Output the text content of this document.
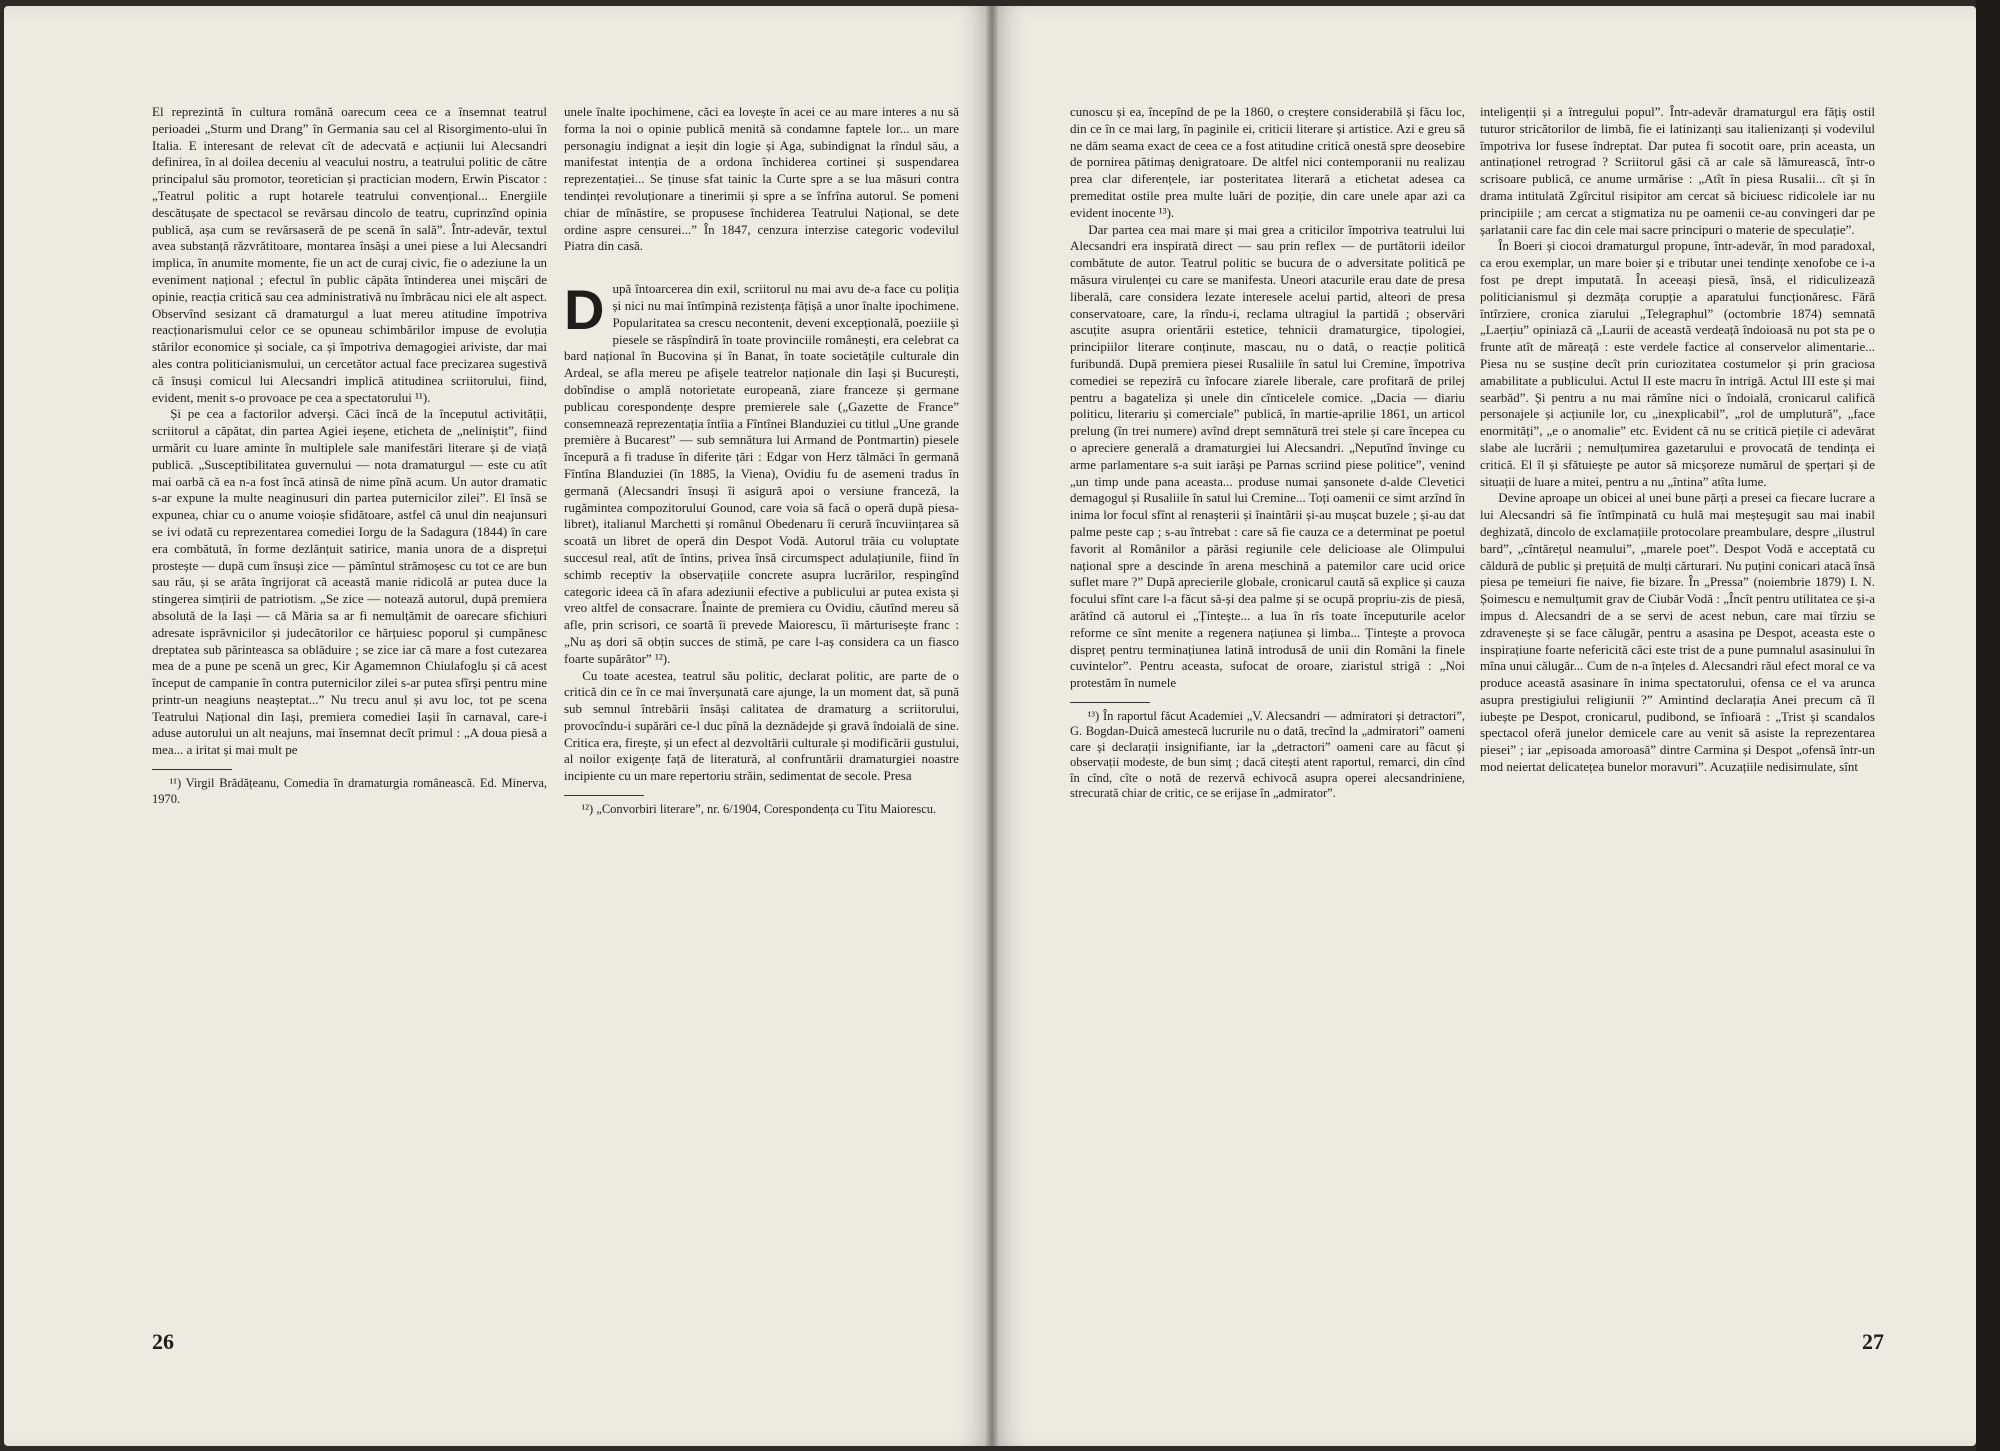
El reprezintă în cultura română oarecum ceea ce a însemnat teatrul perioadei „Sturm und Drang” în Germania sau cel al Risorgimento-ului în Italia. E interesant de relevat cît de adecvată e acțiunii lui Alecsandri definirea, în al doilea deceniu al veacului nostru, a teatrului politic de către principalul său promotor, teoretician și practician modern, Erwin Piscator : „Teatrul politic a rupt hotarele teatrului convențional... Energiile descătușate de spectacol se revărsau dincolo de teatru, cuprinzînd opinia publică, așa cum se revărsaseră de pe scenă în sală”. Într-adevăr, textul avea substanță răzvrătitoare, montarea însăși a unei piese a lui Alecsandri implica, în anumite momente, fie un act de curaj civic, fie o adeziune la un eveniment național ; efectul în public căpăta întinderea unei mișcări de opinie, reacția critică sau cea administrativă nu îmbrăcau nici ele alt aspect. Observînd sesizant că dramaturgul a luat mereu atitudine împotriva reacționarismului celor ce se opuneau schimbărilor impuse de evoluția stărilor economice și sociale, ca și împotriva demagogiei ariviste, dar mai ales contra politicianismului, un cercetător actual face precizarea sugestivă că însuși comicul lui Alecsandri implică atitudinea scriitorului, fiind, evident, menit s-o provoace pe cea a spectatorului ¹¹).

Și pe cea a factorilor adverși. Căci încă de la începutul activității, scriitorul a căpătat, din partea Agiei ieșene, eticheta de „neliniștit”, fiind urmărit cu luare aminte în multiplele sale manifestări literare și de viață publică. „Susceptibilitatea guvernului — nota dramaturgul — este cu atît mai oarbă că ea n-a fost încă atinsă de nime pînă acum. Un autor dramatic s-ar expune la multe neaginusuri din partea puternicilor zilei”. El însă se expunea, chiar cu o anume voioșie sfidătoare, astfel că unul din neajunsuri se ivi odată cu reprezentarea comediei Iorgu de la Sadagura (1844) în care era combătută, în forme dezlănțuit satirice, mania unora de a disprețui prostește — după cum însuși zice — pămîntul strămoșesc cu tot ce are bun sau rău, și se arăta îngrijorat că această manie ridicolă ar putea duce la stingerea simțirii de patriotism. „Se zice — notează autorul, după premiera absolută de la Iași — că Măria sa ar fi nemulțămit de oarecare sfichiuri adresate isprăvnicilor și judecătorilor ce hărțuiesc poporul și cumpănesc dreptatea sub părinteasca sa oblăduire ; se zice iar că mare a fost cutezarea mea de a pune pe scenă un grec, Kir Agamemnon Chiulafoglu și că acest început de campanie în contra puternicilor zilei s-ar putea sfîrși pentru mine printr-un neagiuns neașteptat...” Nu trecu anul și avu loc, tot pe scena Teatrului Național din Iași, premiera comediei Iașii în carnaval, care-i aduse autorului un alt neajuns, mai însemnat decît primul : „A doua piesă a mea... a iritat și mai mult pe

¹¹) Virgil Brădățeanu, Comedia în dramaturgia românească. Ed. Minerva, 1970.

unele înalte ipochimene, căci ea lovește în acei ce au mare interes a nu să forma la noi o opinie publică menită să condamne faptele lor... un mare personagiu indignat a ieșit din logie și Aga, subindignat la rîndul său, a manifestat intenția de a ordona închiderea cortinei și suspendarea reprezentației... Se ținuse sfat tainic la Curte spre a se lua măsuri contra tendinței revoluționare a tinerimii și spre a se înfrîna autorul. Se pomeni chiar de mînăstire, se propusese închiderea Teatrului Național, se dete ordine aspre censurei...” În 1847, cenzura interzise categoric vodevilul Piatra din casă.

După întoarcerea din exil, scriitorul nu mai avu de-a face cu poliția și nici nu mai întîmpină rezistența fățișă a unor înalte ipochimene. Popularitatea sa crescu necontenit, deveni excepțională, poeziile și piesele se răspîndiră în toate provinciile românești, era celebrat ca bard național în Bucovina și în Banat, în toate societățile culturale din Ardeal, se afla mereu pe afișele teatrelor naționale din Iași și București, dobîndise o amplă notorietate europeană, ziare franceze și germane publicau corespondențe despre premierele sale („Gazette de France” consemnează reprezentația întîia a Fîntînei Blanduziei cu titlul „Une grande première à Bucarest” — sub semnătura lui Armand de Pontmartin) piesele începură a fi traduse în diferite țări : Edgar von Herz tălmăci în germană Fîntîna Blanduziei (în 1885, la Viena), Ovidiu fu de asemeni tradus în germană (Alecsandri însuși îi asigură apoi o versiune franceză, la rugămintea compozitorului Gounod, care voia să facă o operă după piesa-libret), italianul Marchetti și românul Obedenaru îi cerură încuviințarea să scoată un libret de operă din Despot Vodă. Autorul trăia cu voluptate succesul real, atît de întins, privea însă circumspect adulațiunile, fiind în schimb receptiv la observațiile concrete asupra lucrărilor, respingînd categoric ideea că în afara adeziunii efective a publicului ar putea exista și vreo altfel de consacrare. Înainte de premiera cu Ovidiu, căutînd mereu să afle, prin scrisori, ce soartă îi prevede Maiorescu, îi mărturisește franc : „Nu aș dori să obțin succes de stimă, pe care l-aș considera ca un fiasco foarte supărător” ¹²).

Cu toate acestea, teatrul său politic, declarat politic, are parte de o critică din ce în ce mai înverșunată care ajunge, la un moment dat, să pună sub semnul întrebării însăși calitatea de dramaturg a scriitorului, provocîndu-i supărări ce-l duc pînă la deznădejde și gravă îndoială de sine. Critica era, firește, și un efect al dezvoltării culturale și modificării gustului, al noilor exigențe față de literatură, al confruntării dramaturgiei noastre incipiente cu un mare repertoriu străin, sedimentat de secole. Presa

¹²) „Convorbiri literare”, nr. 6/1904, Corespondența cu Titu Maiorescu.

26

cunoscu și ea, începînd de pe la 1860, o creștere considerabilă și făcu loc, din ce în ce mai larg, în paginile ei, criticii literare și artistice. Azi e greu să ne dăm seama exact de ceea ce a fost atitudine critică onestă spre deosebire de pornirea pătimaș denigratoare. De altfel nici contemporanii nu realizau prea clar diferențele, iar posteritatea literară a etichetat adesea ca premeditat ostile prea multe luări de poziție, din care unele apar azi ca evident inocente ¹³).

Dar partea cea mai mare și mai grea a criticilor împotriva teatrului lui Alecsandri era inspirată direct — sau prin reflex — de purtătorii ideilor combătute de autor. Teatrul politic se bucura de o adversitate politică pe măsura virulenței cu care se manifesta. Uneori atacurile erau date de presa liberală, care considera lezate interesele acelui partid, alteori de presa conservatoare, care, la rîndu-i, reclama ultragiul la partidă ; observări ascuțite asupra orientării estetice, tehnicii dramaturgice, tipologiei, principiilor literare conținute, mascau, nu o dată, o reacție politică furibundă. După premiera piesei Rusaliile în satul lui Cremine, împotriva comediei se repeziră cu înfocare ziarele liberale, care profitară de prilej pentru a bagateliza și unele din cînticelele comice. „Dacia — diariu politicu, literariu și comerciale” publică, în martie-aprilie 1861, un articol prelung (în trei numere) avînd drept semnătură trei stele și care începea cu o apreciere generală a dramaturgiei lui Alecsandri. „Neputînd învinge cu arme parlamentare s-a suit iarăși pe Parnas scriind piese politice”, venind „un timp unde pana aceasta... produse numai șansonete d-alde Clevetici demagogul și Rusaliile în satul lui Cremine... Toți oamenii ce simt arzînd în inima lor focul sfînt al renașterii și înaintării și-au mușcat buzele ; și-au dat palme peste cap ; s-au întrebat : care să fie cauza ce a determinat pe poetul favorit al Românilor a părăsi regiunile cele delicioase ale Olimpului național spre a descinde în arena meschină a patemilor care ucid orice suflet mare ?” După aprecierile globale, cronicarul caută să explice și cauza focului sfînt care l-a făcut să-și dea palme și se ocupă propriu-zis de piesă, arătînd că autorul ei „Țintește... a lua în rîs toate începuturile acelor reforme ce sînt menite a regenera națiunea și limba... Țintește a provoca dispreț pentru terminațiunea latină introdusă de unii din Români la finele cuvintelor”. Pentru aceasta, sufocat de oroare, ziaristul strigă : „Noi protestăm în numele

¹³) În raportul făcut Academiei „V. Alecsandri — admiratori și detractori”, G. Bogdan-Duică amestecă lucrurile nu o dată, trecînd la „admiratori” oameni care și declarații insignifiante, iar la „detractori” oameni care au făcut și observații modeste, de bun simț ; dacă citești atent raportul, remarci, din cînd în cînd, cîte o notă de rezervă echivocă asupra operei alecsandriniene, strecurată chiar de critic, ce se erijase în „admirator”.

inteligenții și a întregului popul”. Într-adevăr dramaturgul era fățiș ostil tuturor stricătorilor de limbă, fie ei latinizanți sau italienizanți și vodevilul împotriva lor fusese îndreptat. Dar putea fi socotit oare, prin aceasta, un antinaționel retrograd ? Scriitorul găsi că ar cale să lămurească, într-o scrisoare publică, ce anume urmărise : „Atît în piesa Rusalii... cît și în drama intitulată Zgîrcitul risipitor am cercat să biciuesc ridicolele iar nu principiile ; am cercat a stigmatiza nu pe oamenii ce-au convingeri dar pe șarlatanii care fac din cele mai sacre principuri o materie de speculație”.

În Boeri și ciocoi dramaturgul propune, într-adevăr, în mod paradoxal, ca erou exemplar, un mare boier și e tributar unei tendințe xenofobe ce i-a fost pe drept imputată. În aceeași piesă, însă, el ridiculizează politicianismul și dezmăța corupție a aparatului funcționăresc. Fără întîrziere, cronica ziarului „Telegraphul” (octombrie 1874) semnată „Laerțiu” opiniază că „Laurii de această verdeață îndoioasă nu pot sta pe o frunte atît de măreață : este verdele factice al conservelor alimentarie... Piesa nu se susține decît prin curiozitatea costumelor și prin graciosa amabilitate a publicului. Actul II este macru în intrigă. Actul III este și mai searbăd”. Și pentru a nu mai rămîne nici o îndoială, cronicarul califică personajele și acțiunile lor, cu „inexplicabil”, „rol de umplutură”, „face enormități”, „e o anomalie” etc. Evident că nu se critică piețile ci adevărat slabe ale lucrării ; nemulțumirea gazetarului e provocată de tendința ei critică. El îl și sfătuiește pe autor să micșoreze numărul de șperțari și de situații de luare a mitei, pentru a nu „întina” atîta lume.

Devine aproape un obicei al unei bune părți a presei ca fiecare lucrare a lui Alecsandri să fie întîmpinată cu hulă mai meșteșugit sau mai inabil deghizată, dincolo de exclamațiile protocolare preambulare, despre „ilustrul bard”, „cîntărețul neamului”, „marele poet”. Despot Vodă e acceptată cu căldură de public și prețuită de mulți cărturari. Nu puțini conicari atacă însă piesa pe temeiuri fie naive, fie bizare. În „Pressa” (noiembrie 1879) I. N. Șoimescu e nemulțumit grav de Ciubăr Vodă : „Încît pentru utilitatea ce și-a impus d. Alecsandri de a se servi de acest nebun, care mai tîrziu se zdravenește și se face călugăr, pentru a asasina pe Despot, aceasta este o inspirațiune foarte nefericită căci este trist de a pune pumnalul asasinului în mîna unui călugăr... Cum de n-a înțeles d. Alecsandri răul efect moral ce va produce această asasinare în inima spectatorului, ofensa ce el va arunca asupra prestigiului religiunii ?” Amintind declarația Anei precum că îl iubește pe Despot, cronicarul, pudibond, se înfioară : „Trist și scandalos spectacol oferă junelor demicele care au venit să asiste la reprezentarea piesei” ; iar „episoada amoroasă” dintre Carmina și Despot „ofensă într-un mod neiertat delicatețea bunelor moravuri”. Acuzațiile nedisimulate, sînt

27
